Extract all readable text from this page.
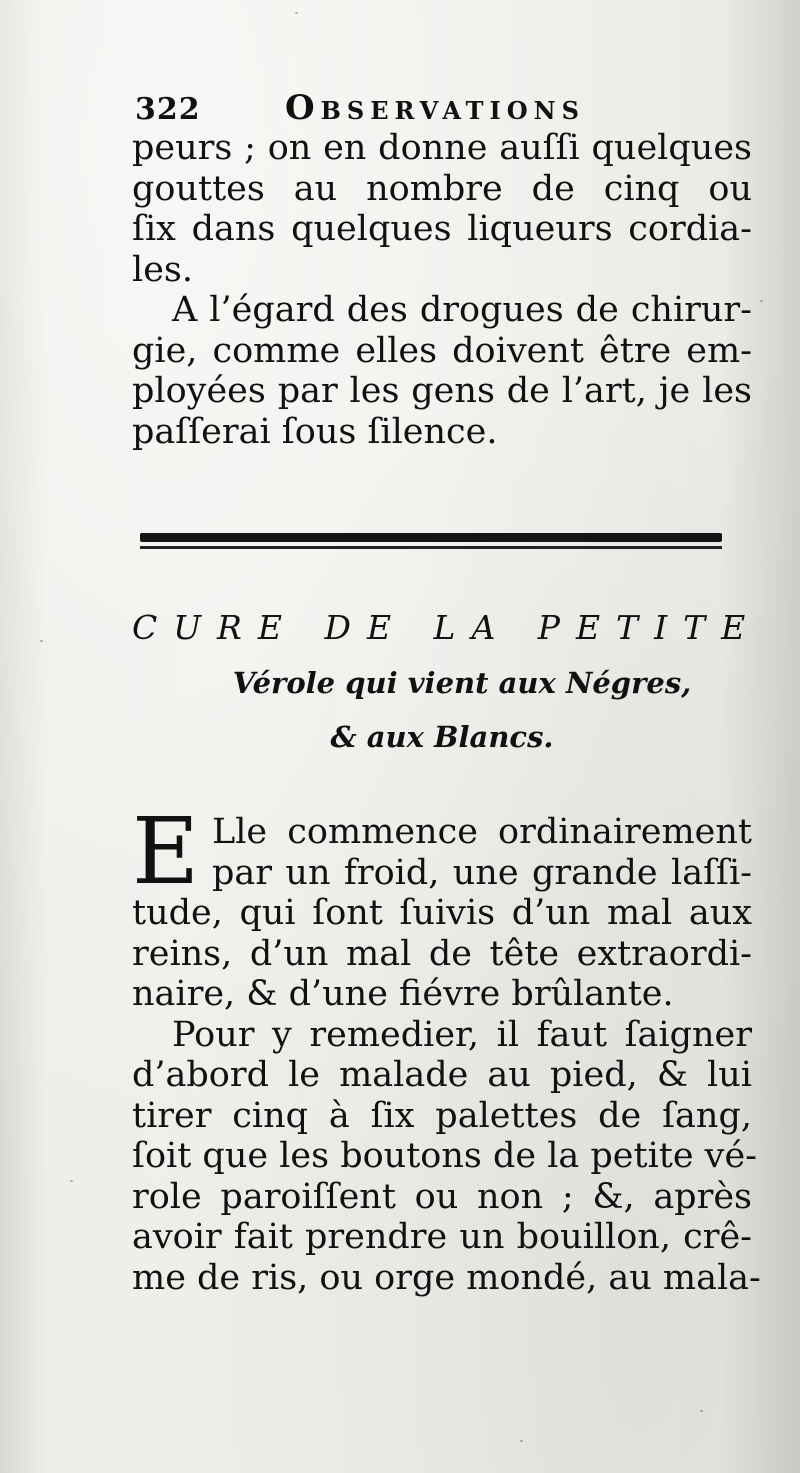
322 Observations
peurs ; on en donne auſſi quelques
gouttes au nombre de cinq ou
ſix dans quelques liqueurs cordia-
les.
A l’égard des drogues de chirur-
gie, comme elles doivent être em-
ployées par les gens de l’art, je les
paſſerai ſous ſilence.
CURE DE LA PETITE
Vérole qui vient aux Négres,
& aux Blancs.
E Lle commence ordinairement
par un froid, une grande laſſi-
tude, qui ſont ſuivis d’un mal aux
reins, d’un mal de tête extraordi-
naire, & d’une fiévre brûlante.
Pour y remedier, il faut ſaigner
d’abord le malade au pied, & lui
tirer cinq à ſix palettes de ſang,
ſoit que les boutons de la petite vé-
role paroiſſent ou non ; &, après
avoir fait prendre un bouillon, crê-
me de ris, ou orge mondé, au mala-
